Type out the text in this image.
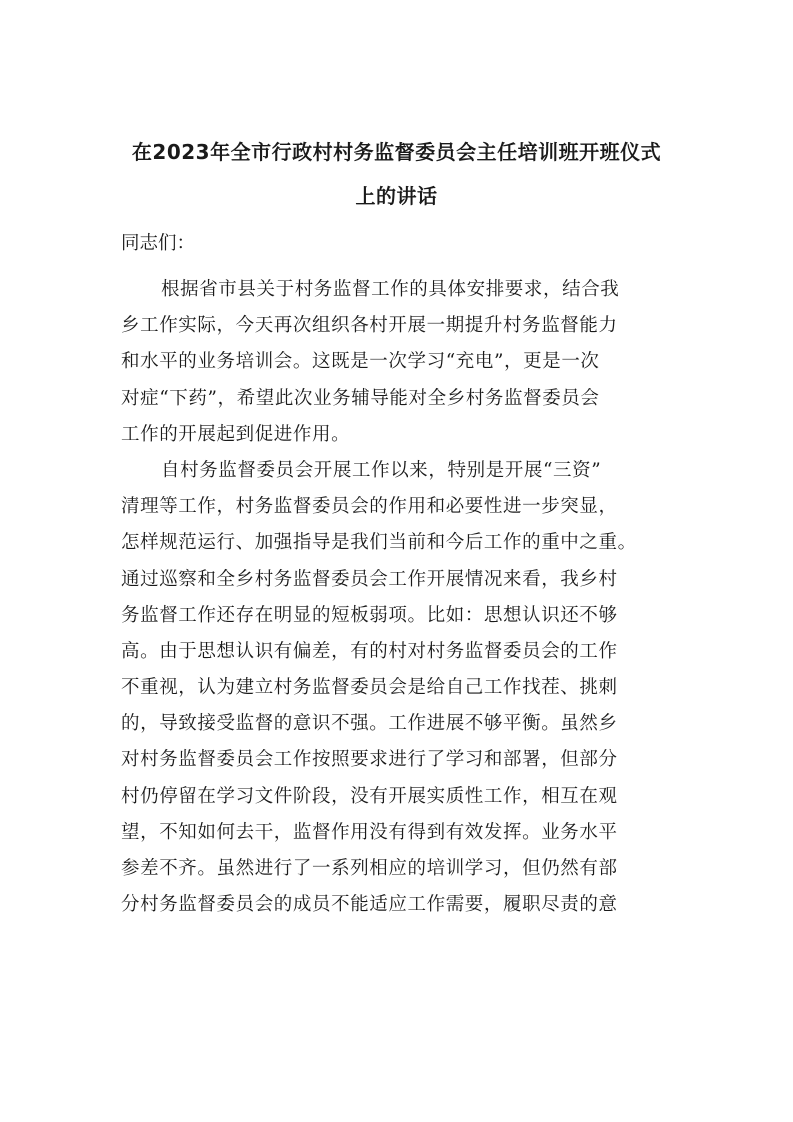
在2023年全市行政村村务监督委员会主任培训班开班仪式
上的讲话
同志们：
根据省市县关于村务监督工作的具体安排要求，结合我
乡工作实际，今天再次组织各村开展一期提升村务监督能力
和水平的业务培训会。这既是一次学习“充电”，更是一次
对症“下药”，希望此次业务辅导能对全乡村务监督委员会
工作的开展起到促进作用。
自村务监督委员会开展工作以来，特别是开展“三资”
清理等工作，村务监督委员会的作用和必要性进一步突显，
怎样规范运行、加强指导是我们当前和今后工作的重中之重。
通过巡察和全乡村务监督委员会工作开展情况来看，我乡村
务监督工作还存在明显的短板弱项。比如：思想认识还不够
高。由于思想认识有偏差，有的村对村务监督委员会的工作
不重视，认为建立村务监督委员会是给自己工作找茬、挑刺
的，导致接受监督的意识不强。工作进展不够平衡。虽然乡
对村务监督委员会工作按照要求进行了学习和部署，但部分
村仍停留在学习文件阶段，没有开展实质性工作，相互在观
望，不知如何去干，监督作用没有得到有效发挥。业务水平
参差不齐。虽然进行了一系列相应的培训学习，但仍然有部
分村务监督委员会的成员不能适应工作需要，履职尽责的意
